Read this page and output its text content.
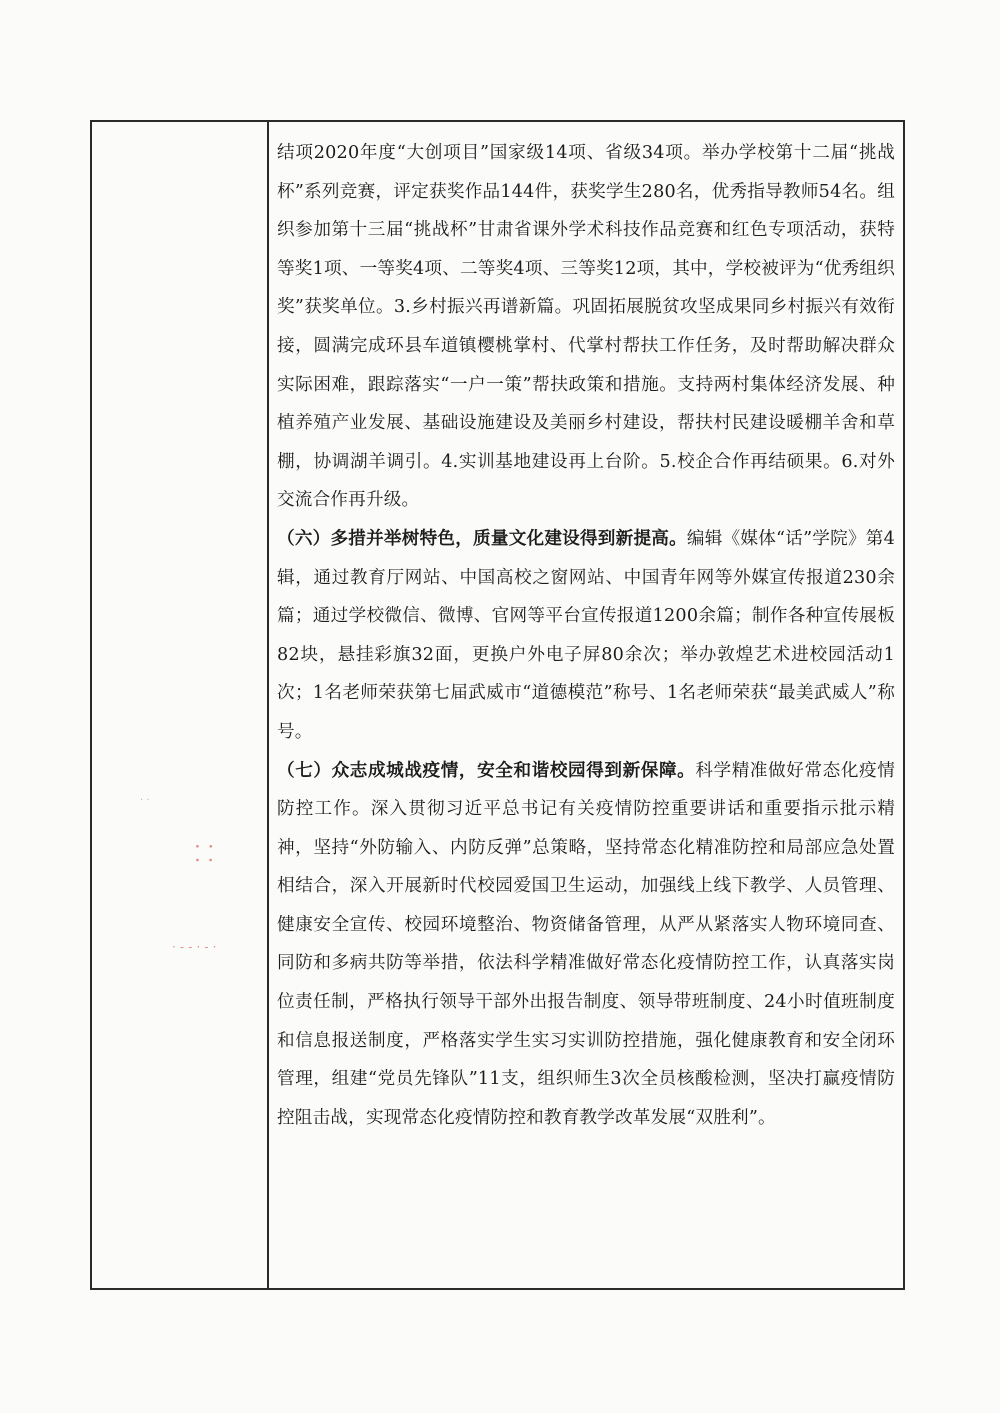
结项2020年度“大创项目”国家级14项、省级34项。举办学校第十二届“挑战杯”系列竞赛，评定获奖作品144件，获奖学生280名，优秀指导教师54名。组织参加第十三届“挑战杯”甘肃省课外学术科技作品竞赛和红色专项活动，获特等奖1项、一等奖4项、二等奖4项、三等奖12项，其中，学校被评为“优秀组织奖”获奖单位。3.乡村振兴再谱新篇。巩固拓展脱贫攻坚成果同乡村振兴有效衔接，圆满完成环县车道镇樱桃掌村、代掌村帮扶工作任务，及时帮助解决群众实际困难，跟踪落实“一户一策”帮扶政策和措施。支持两村集体经济发展、种植养殖产业发展、基础设施建设及美丽乡村建设，帮扶村民建设暖棚羊舍和草棚，协调湖羊调引。4.实训基地建设再上台阶。5.校企合作再结硕果。6.对外交流合作再升级。

（六）多措并举树特色，质量文化建设得到新提高。编辑《媒体“话”学院》第4辑，通过教育厅网站、中国高校之窗网站、中国青年网等外媒宣传报道230余篇；通过学校微信、微博、官网等平台宣传报道1200余篇；制作各种宣传展板82块，悬挂彩旗32面，更换户外电子屏80余次；举办敦煌艺术进校园活动1次；1名老师荣获第七届武威市“道德模范”称号、1名老师荣获“最美武威人”称号。

（七）众志成城战疫情，安全和谐校园得到新保障。科学精准做好常态化疫情防控工作。深入贯彻习近平总书记有关疫情防控重要讲话和重要指示批示精神，坚持“外防输入、内防反弹”总策略，坚持常态化精准防控和局部应急处置相结合，深入开展新时代校园爱国卫生运动，加强线上线下教学、人员管理、健康安全宣传、校园环境整治、物资储备管理，从严从紧落实人物环境同查、同防和多病共防等举措，依法科学精准做好常态化疫情防控工作，认真落实岗位责任制，严格执行领导干部外出报告制度、领导带班制度、24小时值班制度和信息报送制度，严格落实学生实习实训防控措施，强化健康教育和安全闭环管理，组建“党员先锋队”11支，组织师生3次全员核酸检测，坚决打赢疫情防控阻击战，实现常态化疫情防控和教育教学改革发展“双胜利”。

· ·
⸬
·‐‐·‐·
